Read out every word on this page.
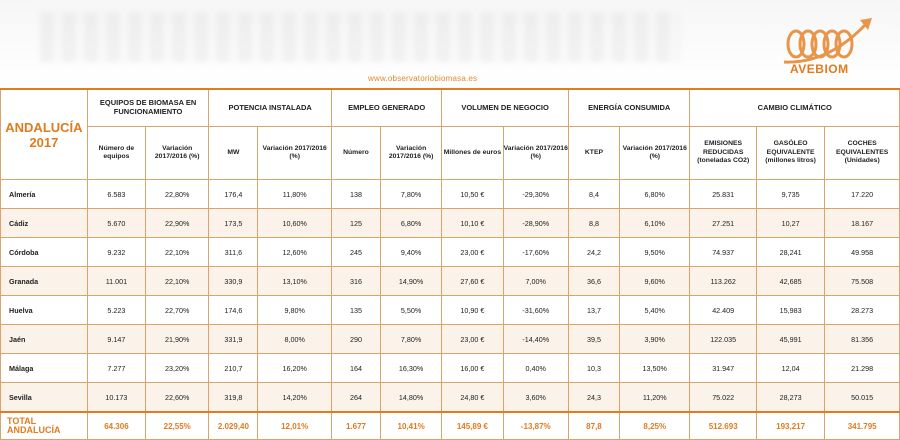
AVEBIOM
www.observatoriobiomasa.es
ANDALUCÍA 2017	EQUIPOS DE BIOMASA EN FUNCIONAMIENTO		POTENCIA INSTALADA		EMPLEO GENERADO		VOLUMEN DE NEGOCIO		ENERGÍA CONSUMIDA		CAMBIO CLIMÁTICO		
	Número de equipos	Variación 2017/2016 (%)	MW	Variación 2017/2016 (%)	Número	Variación 2017/2016 (%)	Millones de euros	Variación 2017/2016 (%)	KTEP	Variación 2017/2016 (%)	EMISIONES REDUCIDAS (toneladas CO2)	GASÓLEO EQUIVALENTE (millones litros)	COCHES EQUIVALENTES (Unidades)
Almería	6.583	22,80%	176,4	11,80%	138	7,80%	10,50 €	-29,30%	8,4	6,80%	25.831	9,735	17.220
Cádiz	5.670	22,90%	173,5	10,60%	125	6,80%	10,10 €	-28,90%	8,8	6,10%	27.251	10,27	18.167
Córdoba	9.232	22,10%	311,6	12,60%	245	9,40%	23,00 €	-17,60%	24,2	9,50%	74.937	28,241	49.958
Granada	11.001	22,10%	330,9	13,10%	316	14,90%	27,60 €	7,00%	36,6	9,60%	113.262	42,685	75.508
Huelva	5.223	22,70%	174,6	9,80%	135	5,50%	10,90 €	-31,60%	13,7	5,40%	42.409	15,983	28.273
Jaén	9.147	21,90%	331,9	8,00%	290	7,80%	23,00 €	-14,40%	39,5	3,90%	122.035	45,991	81.356
Málaga	7.277	23,20%	210,7	16,20%	164	16,30%	16,00 €	0,40%	10,3	13,50%	31.947	12,04	21.298
Sevilla	10.173	22,60%	319,8	14,20%	264	14,80%	24,80 €	3,60%	24,3	11,20%	75.022	28,273	50.015
TOTAL ANDALUCÍA	64.306	22,55%	2.029,40	12,01%	1.677	10,41%	145,89 €	-13,87%	87,8	8,25%	512.693	193,217	341.795
